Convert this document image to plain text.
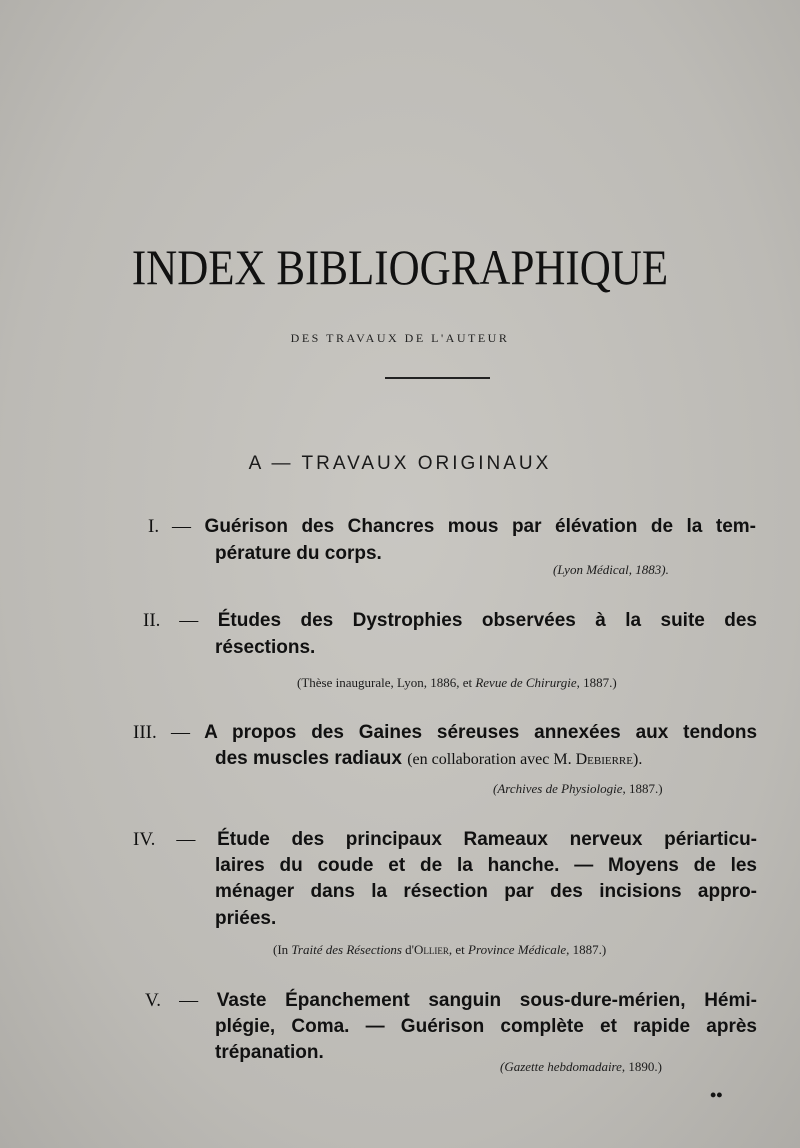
INDEX BIBLIOGRAPHIQUE
DES TRAVAUX DE L'AUTEUR
A — TRAVAUX ORIGINAUX
I. — Guérison des Chancres mous par élévation de la tem-
pérature du corps.
(Lyon Médical, 1883).
II. — Études des Dystrophies observées à la suite des
résections.
(Thèse inaugurale, Lyon, 1886, et Revue de Chirurgie, 1887.)
III. — A propos des Gaines séreuses annexées aux tendons
des muscles radiaux (en collaboration avec M. Debierre).
(Archives de Physiologie, 1887.)
IV. — Étude des principaux Rameaux nerveux périarticu-
laires du coude et de la hanche. — Moyens de les
ménager dans la résection par des incisions appro-
priées.
(In Traité des Résections d'Ollier, et Province Médicale, 1887.)
V. — Vaste Épanchement sanguin sous-dure-mérien, Hémi-
plégie, Coma. — Guérison complète et rapide après
trépanation.
(Gazette hebdomadaire, 1890.)
••
